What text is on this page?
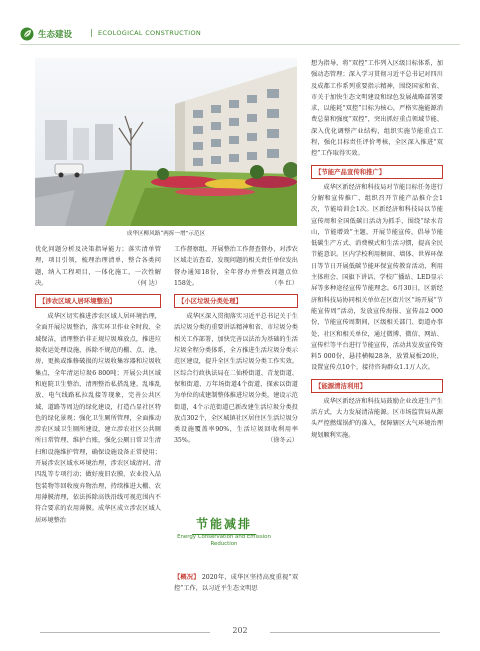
生态建设 | ECOLOGICAL CONSTRUCTION
成华区柳风路“两拆一增”示范区

优化问题分析及决策指导能力；落实清单管理，项目引领，梳理治理清单，整合各类问题，纳入工程项目，一体化施工，一次性解决。	（何 达）

【涉农区域人居环境整治】

成华区切实推进涉农区域人居环境治理，全面开展垃圾整治，落实环卫作业全时段、全域保洁，清理整治非正规垃圾堆放点，推进垃圾收运处理设施，拆除不规范的棚、点、池、房，更换或维修破损的垃圾收集容器和垃圾收集点，全年清运垃圾6 800吨；开展公共区域和庭院卫生整治，清理整治私搭乱建、乱堆乱放、电气线路私拉乱接等现象，完善公共区域、道路等周边的绿化建设，打造凸显社区特色的绿化景观；强化卫生厕所管理，全面推动涉农区域卫生厕所建设，建立涉农社区公共厕所日常管理、维护台账，强化公厕日常卫生清扫和设施维护管理，确保设施设备正常使用；开展涉农区域水环境治理，涉农区域清河、清四乱等专项行动；做好废旧农膜、农业投入品包装物等回收废弃物治理，持续推进大棚、农用薄膜清理，依法拆除高铁沿线可视范围内不符合要求的农用薄膜。成华区成立涉农区域人居环境整治

工作督察组，开展整治工作督查督办，对涉农区域走访查看，发现问题的相关责任单位发出督办通知18份，全年督办并整改问题点位158处。	（李 红）

【小区垃圾分类处理】

成华区深入贯彻落实习近平总书记关于生活垃圾分类的重要讲话精神和省、市垃圾分类相关工作部署，加快完善以法治为基础的生活垃圾全程分类体系，全方推进生活垃圾分类示范区建设，提升全区生活垃圾分类工作实效。区综合行政执法局在二仙桥街道、青龙街道、保和街道、万年场街道4个街道，探索以街道为单位的成建制整体推进垃圾分类，建设示范街道，4个示范街道已新改建生活垃圾分类投放点302个，全区城镇社区居住区生活垃圾分类设施覆盖率90%，生活垃圾回收利用率35%。	（徐冬云）

节能减排
Energy Conservation and Emission Reduction

【概况】 2020年，成华区坚持高度重视“双控”工作，以习近平生态文明思

想为指导，将“双控”工作列入区级目标体系，加强动态管理；深入学习贯彻习近平总书记对四川及成都工作系列重要指示精神，围绕国家和省、市关于加快生态文明建设和绿色发展战略部署要求，以能耗“双控”目标为核心，严格实施能源消费总量和强度“双控”，突出抓好重点领域节能、深入优化调整产业结构，组织实施节能重点工程，强化目标责任评价考核，全区深入推进“双控”工作取得实效。

【节能产品宣传和推广】

成华区新经济和科技局对节能目标任务进行分解和宣传推广，组织召开节能产品推介会1次，节能培训会1次。区新经济和科技局以节能宣传周和全国低碳日活动为抓手，围绕“绿水青山，节能增效”主题，开展节能宣传，倡导节能低碳生产方式、消费模式和生活习惯，提高全民节能意识。区内学校利用橱窗、墙体、世界环保日等节日开展低碳节能环保宣传教育活动，利用主体班会、国旗下讲话、学校广播站、LED显示屏等多种途径宣传节能理念。6月30日，区新经济和科技局协同相关单位在区街片区“场开展“节能宣传周”活动，发放宣传海报、宣传品2 000份，节能宣传周期间，区级相关部门、街道办事处、社区和相关单位，通过微博、微信、网站、宣传栏等平台进行节能宣传，活动共发放宣传资料5 000份，悬挂横幅28条，放置展板20块，设置宣传点10个，接待咨询群众1.1万人次。

【能源清洁利用】

成华区新经济和科技局鼓励企业改进生产生活方式，大力发展清洁能源。区市场监管局从源头严控燃煤锅炉的准入，保障辖区大气环境治理规划顺利实施。

202
